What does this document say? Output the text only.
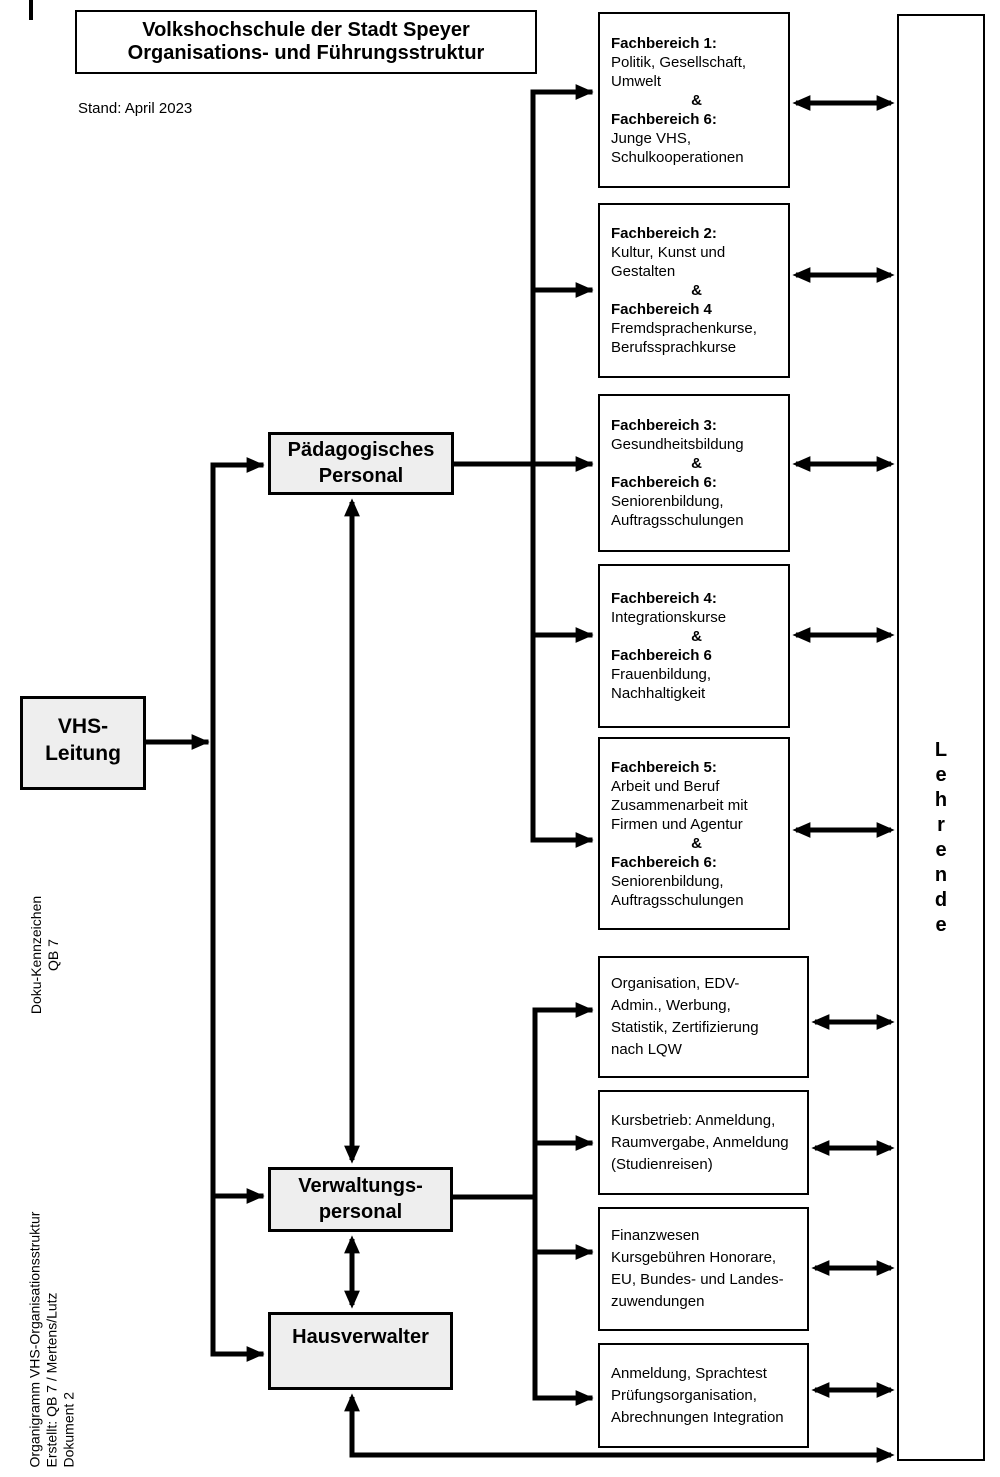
Volkshochschule der Stadt Speyer
Organisations- und Führungsstruktur
Stand: April 2023
VHS-
Leitung
Pädagogisches
Personal
Verwaltungs-
personal
Hausverwalter
Fachbereich 1:
Politik, Gesellschaft,
Umwelt
&
Fachbereich 6:
Junge VHS,
Schulkooperationen
Fachbereich 2:
Kultur, Kunst und
Gestalten
&
Fachbereich 4
Fremdsprachenkurse,
Berufssprachkurse
Fachbereich 3:
Gesundheitsbildung
&
Fachbereich 6:
Seniorenbildung,
Auftragsschulungen
Fachbereich 4:
Integrationskurse
&
Fachbereich 6
Frauenbildung,
Nachhaltigkeit
Fachbereich 5:
Arbeit und Beruf
Zusammenarbeit mit
Firmen und Agentur
&
Fachbereich 6:
Seniorenbildung,
Auftragsschulungen
Organisation, EDV-
Admin., Werbung,
Statistik, Zertifizierung
nach LQW
Kursbetrieb: Anmeldung,
Raumvergabe, Anmeldung
(Studienreisen)
Finanzwesen
Kursgebühren Honorare,
EU, Bundes- und Landes-
zuwendungen
Anmeldung, Sprachtest
Prüfungsorganisation,
Abrechnungen Integration
L
e
h
r
e
n
d
e
Doku-Kennzeichen QB 7
Organigramm VHS-Organisationsstruktur Erstellt: QB 7 / Mertens/Lutz Dokument 2
